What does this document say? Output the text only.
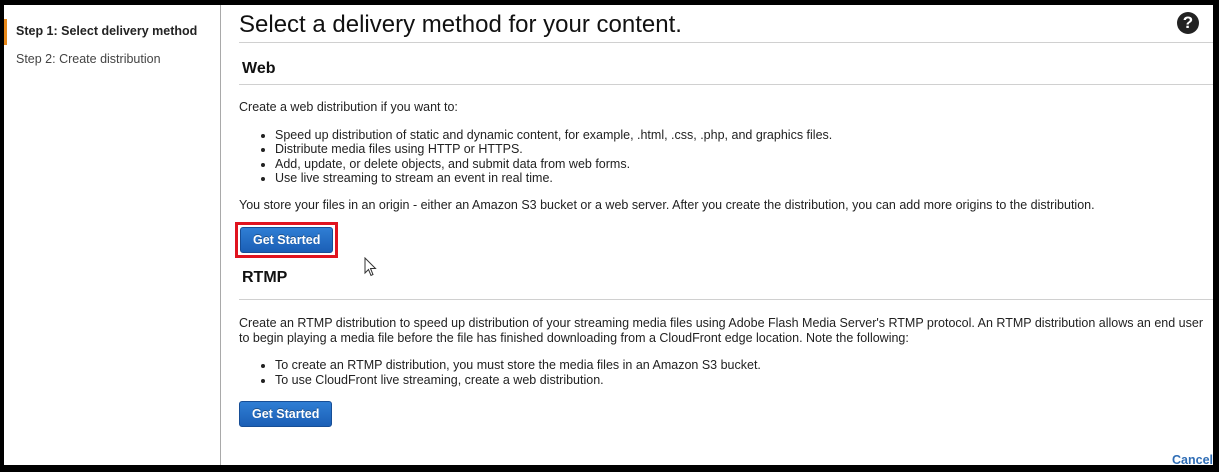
Step 1: Select delivery method
Step 2: Create distribution
Select a delivery method for your content.	?
Web

Create a web distribution if you want to:

• Speed up distribution of static and dynamic content, for example, .html, .css, .php, and graphics files.
• Distribute media files using HTTP or HTTPS.
• Add, update, or delete objects, and submit data from web forms.
• Use live streaming to stream an event in real time.

You store your files in an origin - either an Amazon S3 bucket or a web server. After you create the distribution, you can add more origins to the distribution.

Get Started
RTMP

Create an RTMP distribution to speed up distribution of your streaming media files using Adobe Flash Media Server's RTMP protocol. An RTMP distribution allows an end user

to begin playing a media file before the file has finished downloading from a CloudFront edge location. Note the following:

• To create an RTMP distribution, you must store the media files in an Amazon S3 bucket.
• To use CloudFront live streaming, create a web distribution.
Get Started
Cancel
